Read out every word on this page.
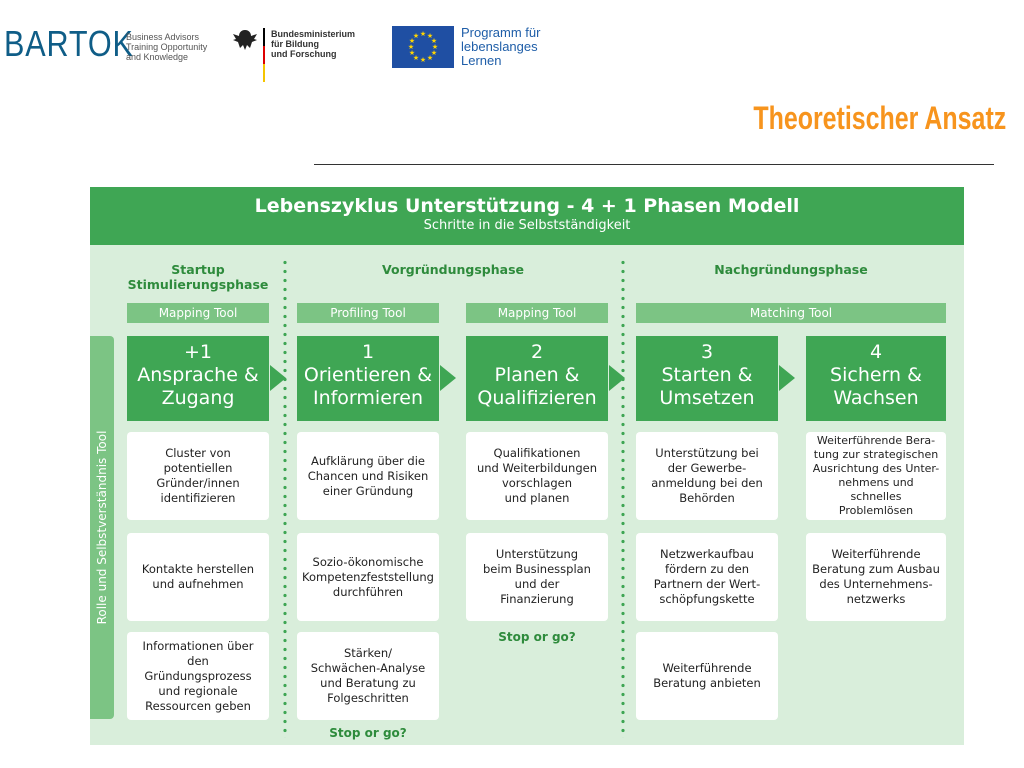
BARTOK
Business Advisors
Training Opportunity
and Knowledge
Bundesministerium
für Bildung
und Forschung
★ ★
★
★
★
★
★
★
★
★
★
★	Programm für
lebenslanges
Lernen
Theoretischer Ansatz
Lebenszyklus Unterstützung - 4 + 1 Phasen Modell
Schritte in die Selbstständigkeit
Startup
Stimulierungsphase
Vorgründungsphase	Nachgründungsphase
Mapping Tool	Profiling Tool	Mapping Tool	Matching Tool
Rolle und Selbstverständnis Tool
+1
Ansprache &
Zugang
1
Orientieren &
Informieren
2
Planen &
Qualifizieren
3
Starten &
Umsetzen
4
Sichern &
Wachsen
Cluster von
potentiellen
Gründer/innen
identifizieren
Kontakte herstellen
und aufnehmen
Informationen über
den Gründungsprozess
und regionale
Ressourcen geben
Aufklärung über die
Chancen und Risiken
einer Gründung
Sozio-ökonomische
Kompetenzfeststellung
durchführen
Stärken/
Schwächen-Analyse
und Beratung zu
Folgeschritten
Stop or go?
Qualifikationen
und Weiterbildungen
vorschlagen
und planen
Unterstützung
beim Businessplan
und der
Finanzierung
Stop or go?
Unterstützung bei
der Gewerbe-
anmeldung bei den
Behörden
Netzwerkaufbau
fördern zu den
Partnern der Wert-
schöpfungskette
Weiterführende
Beratung anbieten
Weiterführende Bera-
tung zur strategischen
Ausrichtung des Unter-
nehmens und schnelles
Problemlösen
Weiterführende
Beratung zum Ausbau
des Unternehmens-
netzwerks
